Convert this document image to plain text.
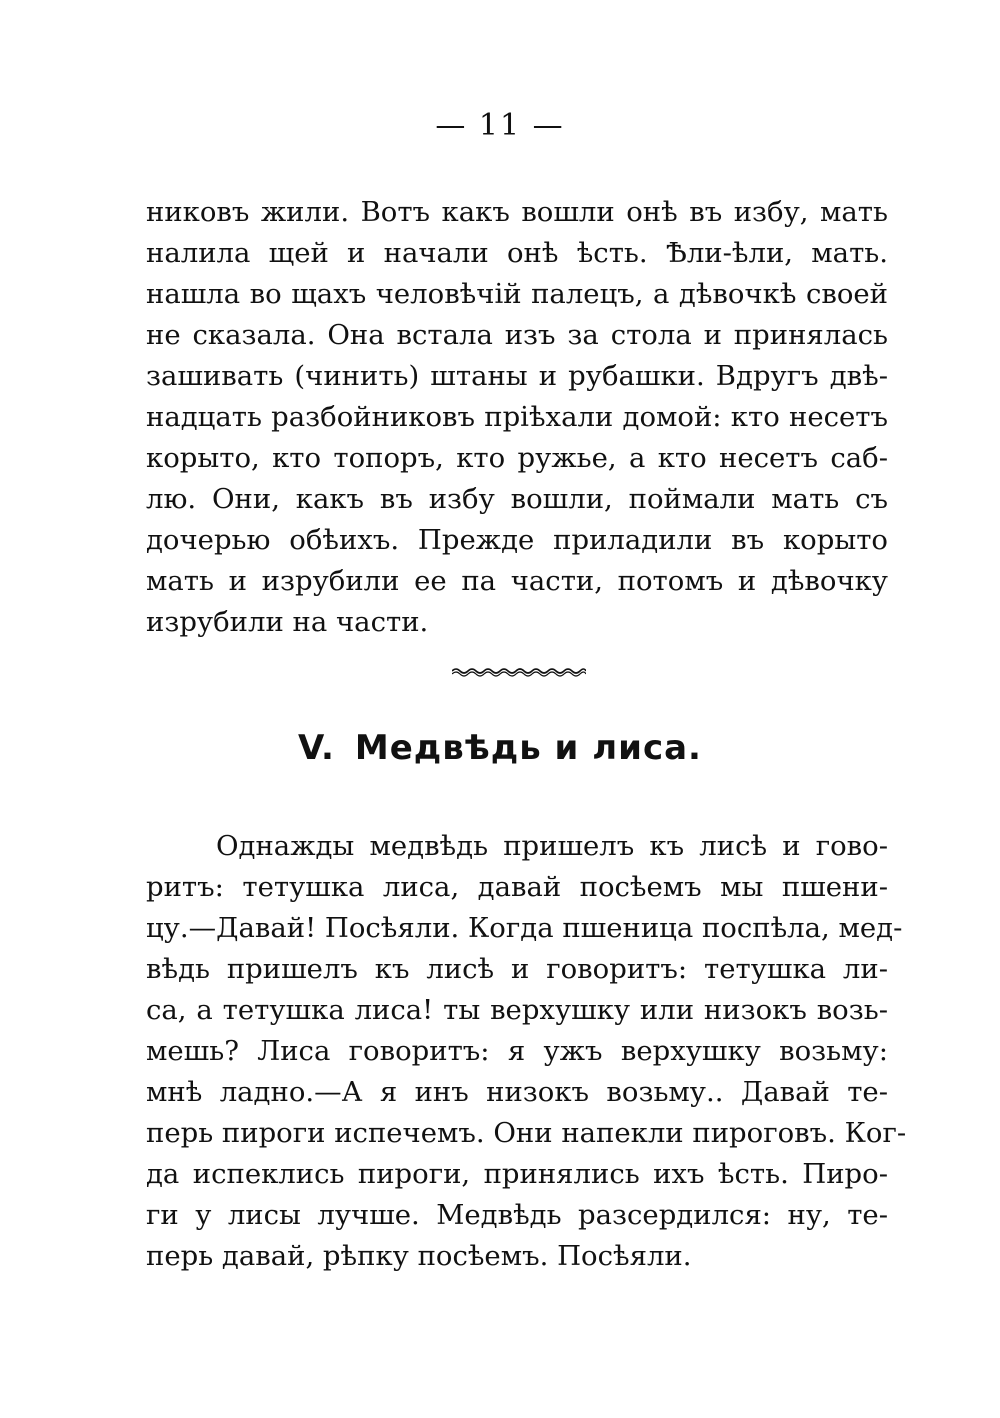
— 11 —
никовъ жили. Вотъ какъ вошли онѣ въ избу, мать
налила щей и начали онѣ ѣсть. Ѣли-ѣли, мать.
нашла во щахъ человѣчій палецъ, а дѣвочкѣ своей
не сказала. Она встала изъ за стола и принялась
зашивать (чинить) штаны и рубашки. Вдругъ двѣ-
надцать разбойниковъ пріѣхали домой: кто несетъ
корыто, кто топоръ, кто ружье, а кто несетъ саб-
лю. Они, какъ въ избу вошли, поймали мать съ
дочерью обѣихъ. Прежде приладили въ корыто
мать и изрубили ее па части, потомъ и дѣвочку
изрубили на части.
V. Медвѣдь и лиса.
Однажды медвѣдь пришелъ къ лисѣ и гово-
ритъ: тетушка лиса, давай посѣемъ мы пшени-
цу.—Давай! Посѣяли. Когда пшеница поспѣла, мед-
вѣдь пришелъ къ лисѣ и говоритъ: тетушка ли-
са, а тетушка лиса! ты верхушку или низокъ возь-
мешь? Лиса говоритъ: я ужъ верхушку возьму:
мнѣ ладно.—А я инъ низокъ возьму.. Давай те-
перь пироги испечемъ. Они напекли пироговъ. Ког-
да испеклись пироги, принялись ихъ ѣсть. Пиро-
ги у лисы лучше. Медвѣдь разсердился: ну, те-
перь давай, рѣпку посѣемъ. Посѣяли.
